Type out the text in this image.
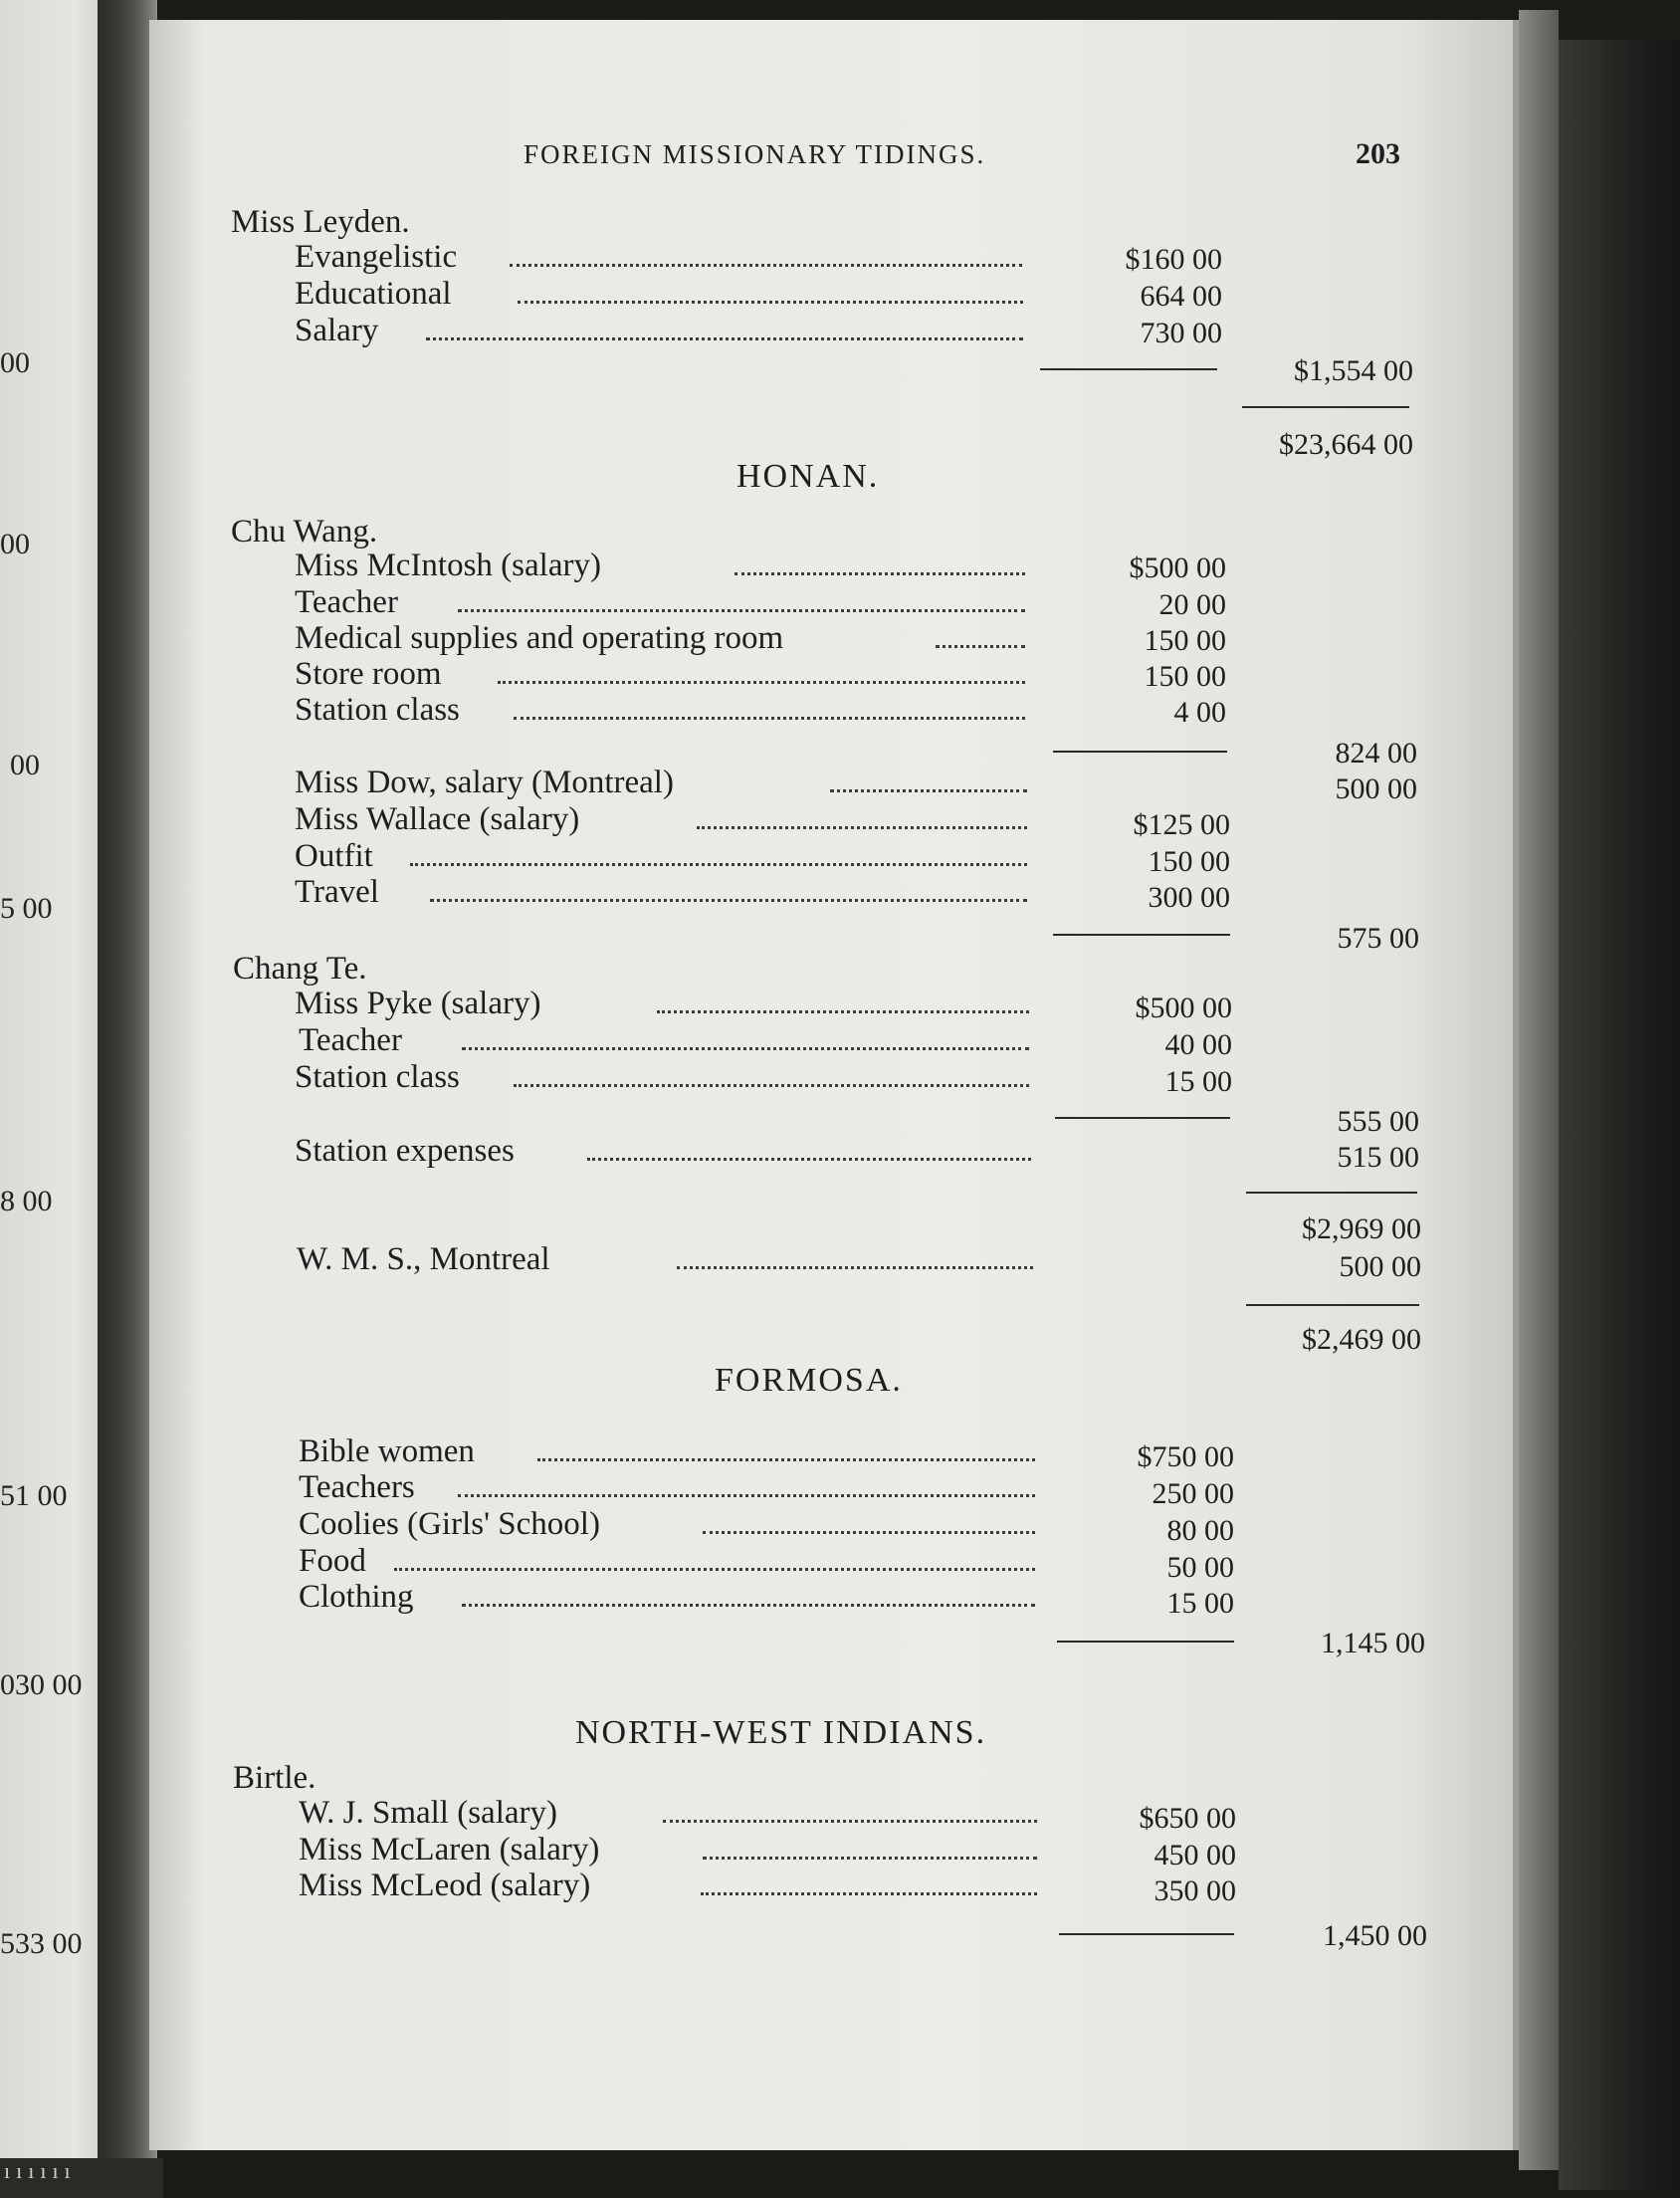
00
00
00
5 00
8 00
51 00
030 00
533 00
ıııııı
FOREIGN MISSIONARY TIDINGS.	203
Miss Leyden.
Evangelistic	$160 00
Educational	664 00
Salary	730 00
$1,554 00
$23,664 00
HONAN.
Chu Wang.
Miss McIntosh (salary)	$500 00
Teacher	20 00
Medical supplies and operating room	150 00
Store room	150 00
Station class	4 00
824 00
Miss Dow, salary (Montreal)	500 00
Miss Wallace (salary)	$125 00
Outfit	150 00
Travel	300 00
575 00
Chang Te.
Miss Pyke (salary)	$500 00
Teacher	40 00
Station class	15 00
555 00
Station expenses	515 00
$2,969 00
W. M. S., Montreal	500 00
$2,469 00
FORMOSA.
Bible women	$750 00
Teachers	250 00
Coolies (Girls' School)	80 00
Food	50 00
Clothing	15 00
1,145 00
NORTH-WEST INDIANS.
Birtle.
W. J. Small (salary)	$650 00
Miss McLaren (salary)	450 00
Miss McLeod (salary)	350 00
1,450 00
